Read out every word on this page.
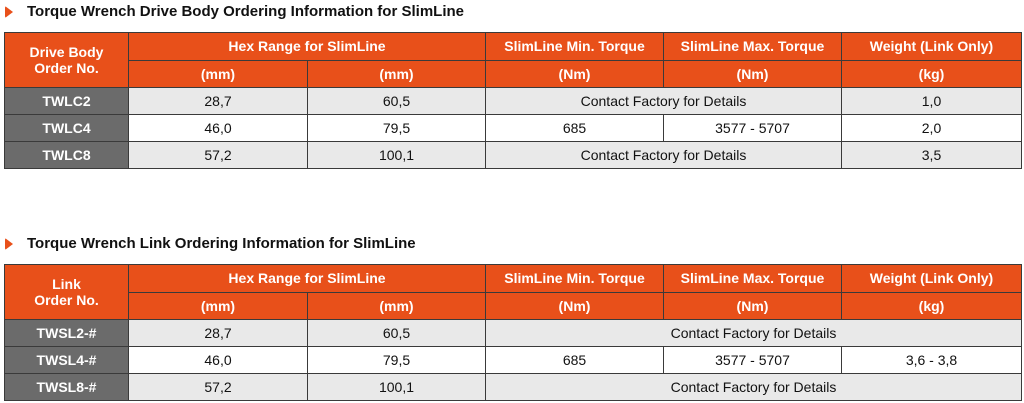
Torque Wrench Drive Body Ordering Information for SlimLine
Drive Body
Order No.	Hex Range for SlimLine		SlimLine Min. Torque	SlimLine Max. Torque	Weight (Link Only)
	(mm)	(mm)	(Nm)	(Nm)	(kg)
TWLC2	28,7	60,5	Contact Factory for Details		1,0
TWLC4	46,0	79,5	685	3577 - 5707	2,0
TWLC8	57,2	100,1	Contact Factory for Details		3,5
Torque Wrench Link Ordering Information for SlimLine
Link
Order No.	Hex Range for SlimLine		SlimLine Min. Torque	SlimLine Max. Torque	Weight (Link Only)
	(mm)	(mm)	(Nm)	(Nm)	(kg)
TWSL2-#	28,7	60,5	Contact Factory for Details		
TWSL4-#	46,0	79,5	685	3577 - 5707	3,6 - 3,8
TWSL8-#	57,2	100,1	Contact Factory for Details		
